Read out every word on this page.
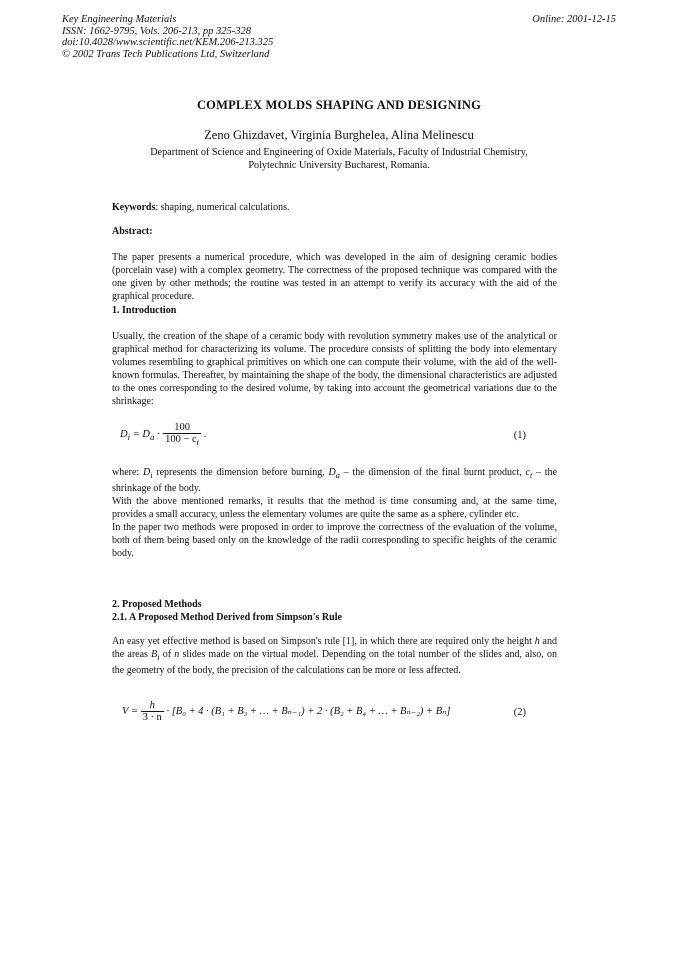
Key Engineering Materials
ISSN: 1662-9795, Vols. 206-213, pp 325-328
doi:10.4028/www.scientific.net/KEM.206-213.325
© 2002 Trans Tech Publications Ltd, Switzerland
Online: 2001-12-15
COMPLEX MOLDS SHAPING AND DESIGNING
Zeno Ghizdavet, Virginia Burghelea, Alina Melinescu
Department of Science and Engineering of Oxide Materials, Faculty of Industrial Chemistry,
Polytechnic University Bucharest, Romania.
Keywords: shaping, numerical calculations.
Abstract:
The paper presents a numerical procedure, which was developed in the aim of designing ceramic bodies (porcelain vase) with a complex geometry. The correctness of the proposed technique was compared with the one given by other methods; the routine was tested in an attempt to verify its accuracy with the aid of the graphical procedure.
1. Introduction
Usually, the creation of the shape of a ceramic body with revolution symmetry makes use of the analytical or graphical method for characterizing its volume. The procedure consists of splitting the body into elementary volumes resembling to graphical primitives on which one can compute their volume, with the aid of the well-known formulas. Thereafter, by maintaining the shape of the body, the dimensional characteristics are adjusted to the ones corresponding to the desired volume, by taking into account the geometrical variations due to the shrinkage:
$D_i = D_a \cdot \frac{100}{100 - c_t}$ .	(1)

where: $D_i$ represents the dimension before burning, $D_a$ – the dimension of the final burnt product, $c_t$ – the shrinkage of the body.

With the above mentioned remarks, it results that the method is time consuming and, at the same time, provides a small accuracy, unless the elementary volumes are quite the same as a sphere, cylinder etc.

In the paper two methods were proposed in order to improve the correctness of the evaluation of the volume, both of them being based only on the knowledge of the radii corresponding to specific heights of the ceramic body.

2. Proposed Methods
2.1. A Proposed Method Derived from Simpson's Rule
An easy yet effective method is based on Simpson's rule [1], in which there are required only the height h and the areas $B_i$ of n slides made on the virtual model. Depending on the total number of the slides and, also, on the geometry of the body, the precision of the calculations can be more or less affected.
$V = \frac{h}{3 \cdot n} \cdot [B_0 + 4 \cdot (B_1 + B_3$ + … + Bₙ₋₁) + 2 · (B₂ + B₄ + … + Bₙ₋₂) + Bₙ]	(2)
